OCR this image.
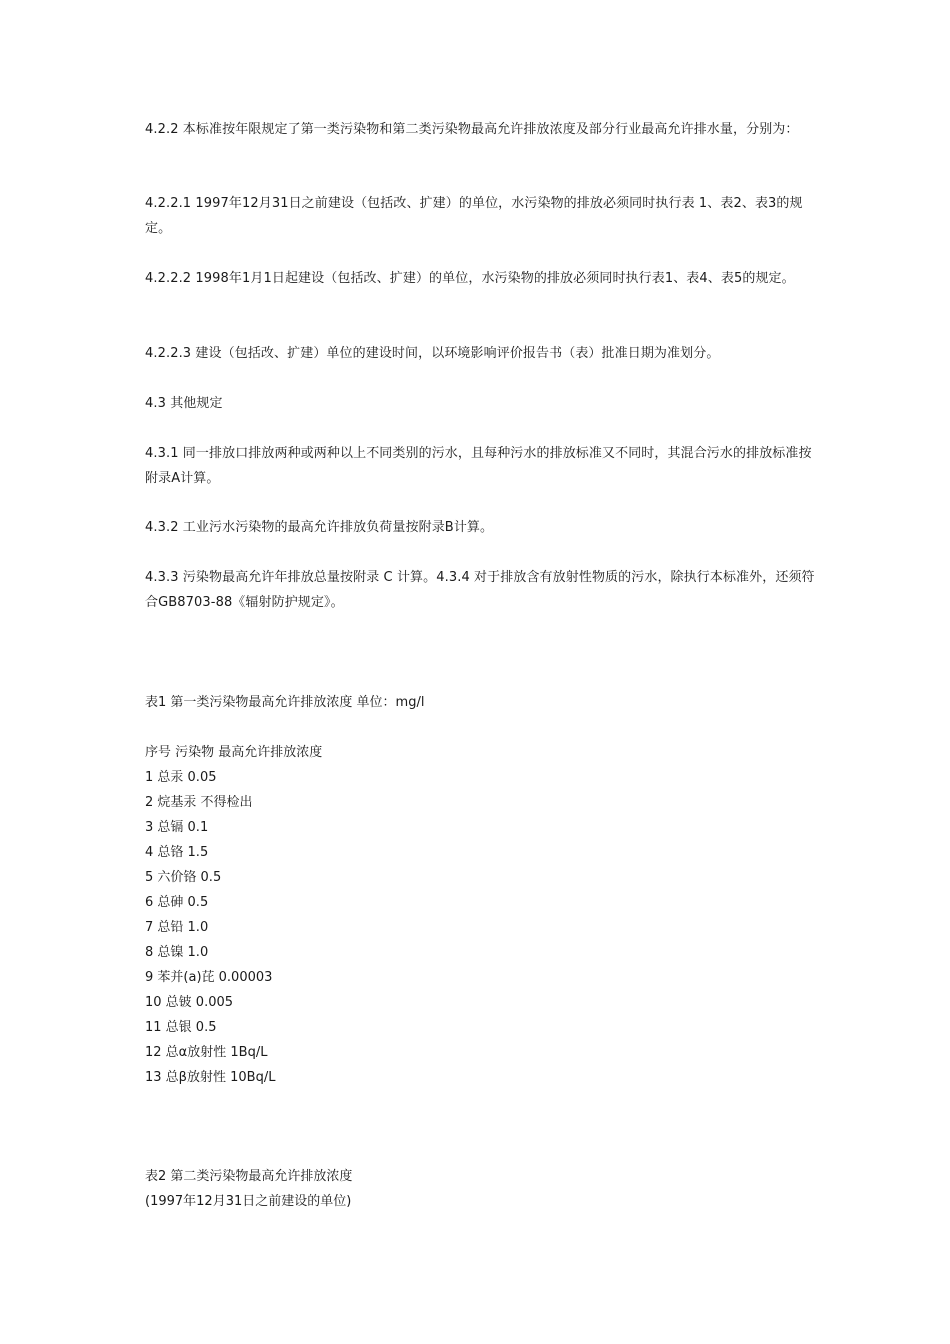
4.2.2 本标准按年限规定了第一类污染物和第二类污染物最高允许排放浓度及部分行业最高允许排水量，分别为：
4.2.2.1 1997年12月31日之前建设（包括改、扩建）的单位，水污染物的排放必须同时执行表 1、表2、表3的规定。
4.2.2.2 1998年1月1日起建设（包括改、扩建）的单位，水污染物的排放必须同时执行表1、表4、表5的规定。
4.2.2.3 建设（包括改、扩建）单位的建设时间，以环境影响评价报告书（表）批准日期为准划分。
4.3 其他规定
4.3.1 同一排放口排放两种或两种以上不同类别的污水，且每种污水的排放标准又不同时，其混合污水的排放标准按附录A计算。
4.3.2 工业污水污染物的最高允许排放负荷量按附录B计算。
4.3.3 污染物最高允许年排放总量按附录 C 计算。4.3.4 对于排放含有放射性物质的污水，除执行本标准外，还须符合GB8703-88《辐射防护规定》。
表1 第一类污染物最高允许排放浓度 单位：mg/l
序号 污染物 最高允许排放浓度
1 总汞 0.05
2 烷基汞 不得检出
3 总镉 0.1
4 总铬 1.5
5 六价铬 0.5
6 总砷 0.5
7 总铅 1.0
8 总镍 1.0
9 苯并(a)芘 0.00003
10 总铍 0.005
11 总银 0.5
12 总α放射性 1Bq/L
13 总β放射性 10Bq/L
表2 第二类污染物最高允许排放浓度
(1997年12月31日之前建设的单位)
